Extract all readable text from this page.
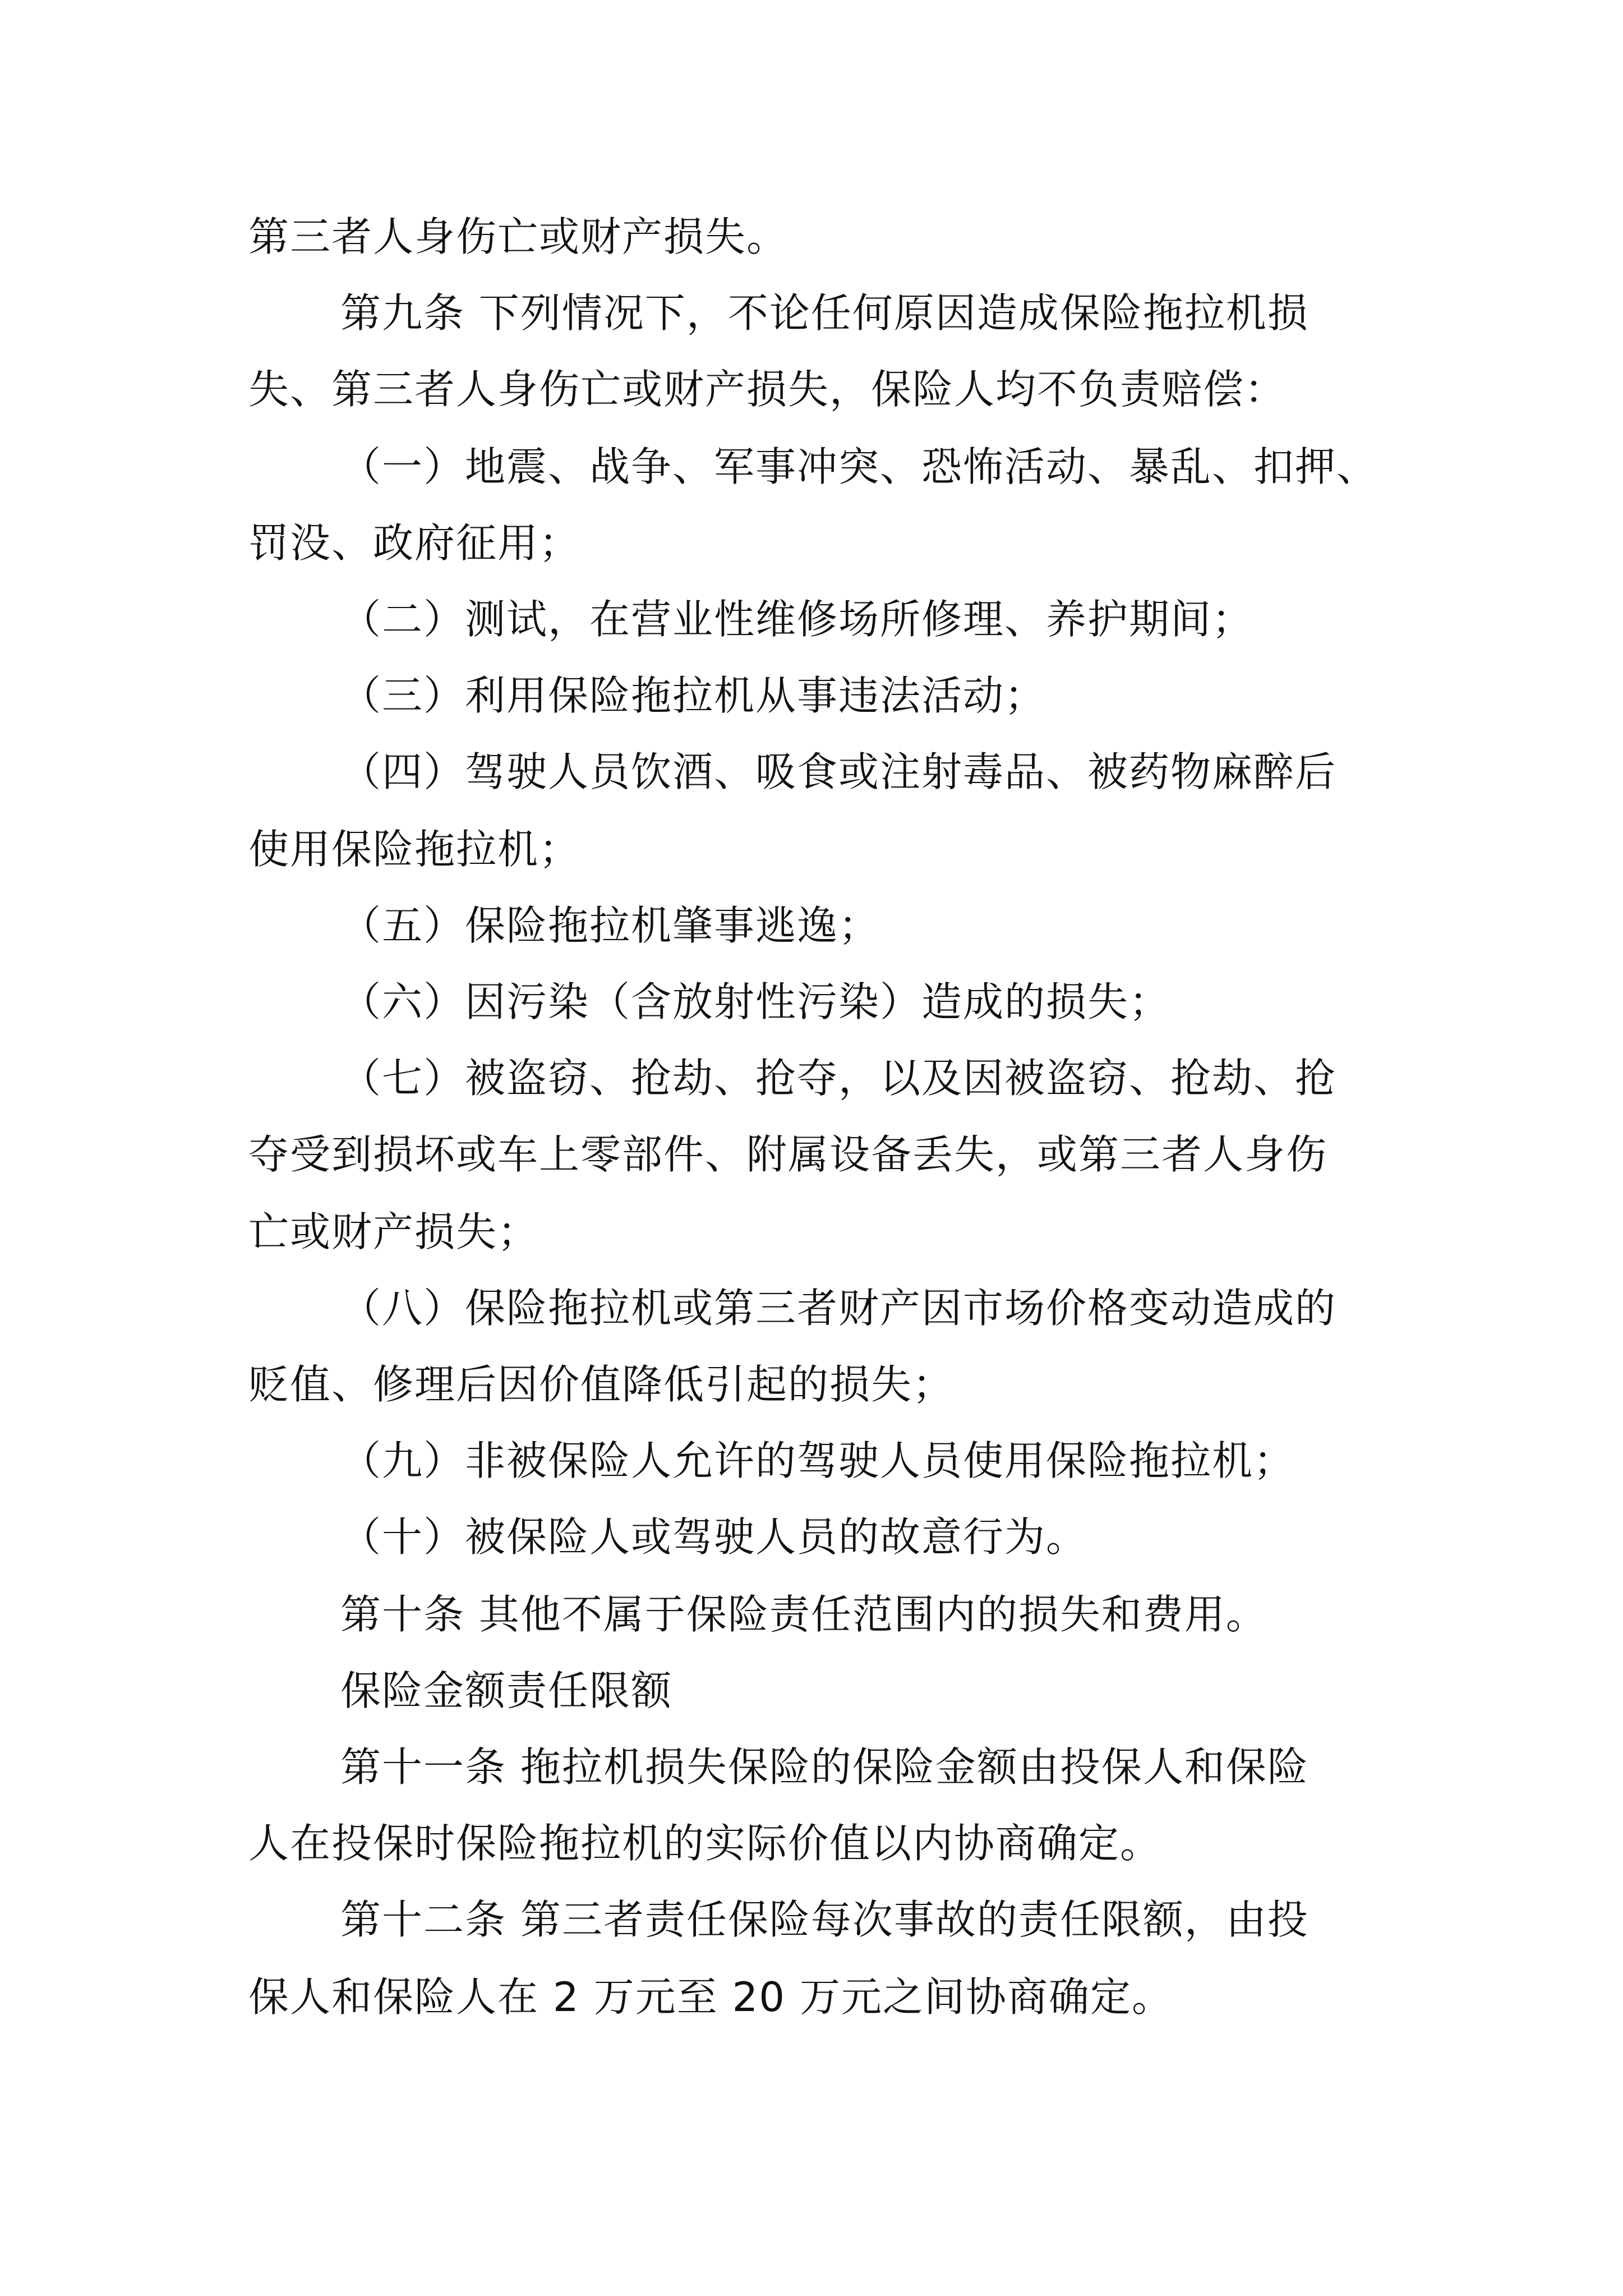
第三者人身伤亡或财产损失。
第九条 下列情况下，不论任何原因造成保险拖拉机损
失、第三者人身伤亡或财产损失，保险人均不负责赔偿：
（一）地震、战争、军事冲突、恐怖活动、暴乱、扣押、
罚没、政府征用；
（二）测试，在营业性维修场所修理、养护期间；
（三）利用保险拖拉机从事违法活动；
（四）驾驶人员饮酒、吸食或注射毒品、被药物麻醉后
使用保险拖拉机；
（五）保险拖拉机肇事逃逸；
（六）因污染（含放射性污染）造成的损失；
（七）被盗窃、抢劫、抢夺，以及因被盗窃、抢劫、抢
夺受到损坏或车上零部件、附属设备丢失，或第三者人身伤
亡或财产损失；
（八）保险拖拉机或第三者财产因市场价格变动造成的
贬值、修理后因价值降低引起的损失；
（九）非被保险人允许的驾驶人员使用保险拖拉机；
（十）被保险人或驾驶人员的故意行为。
第十条 其他不属于保险责任范围内的损失和费用。
保险金额责任限额
第十一条 拖拉机损失保险的保险金额由投保人和保险
人在投保时保险拖拉机的实际价值以内协商确定。
第十二条 第三者责任保险每次事故的责任限额，由投
保人和保险人在 2 万元至 20 万元之间协商确定。
